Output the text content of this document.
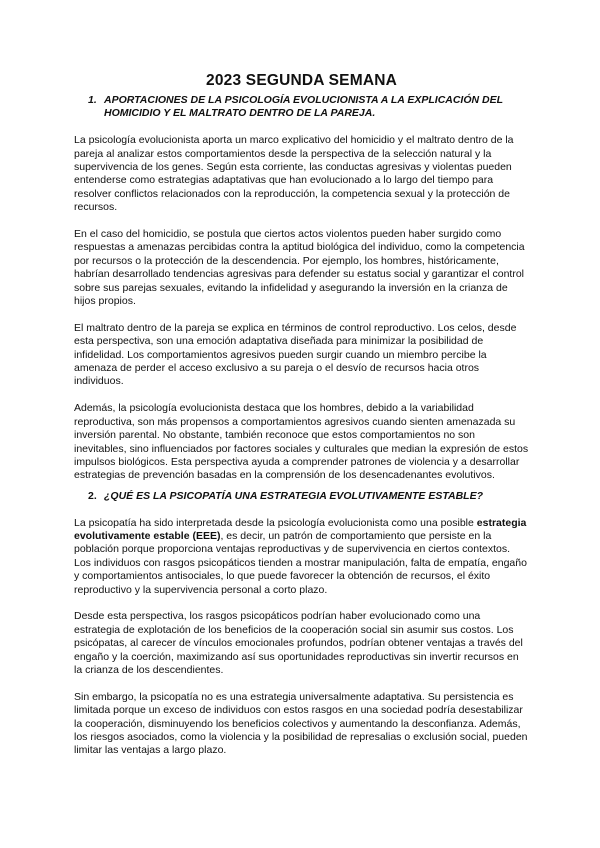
2023 SEGUNDA SEMANA

1. APORTACIONES DE LA PSICOLOGÍA EVOLUCIONISTA A LA EXPLICACIÓN DEL HOMICIDIO Y EL MALTRATO DENTRO DE LA PAREJA.

La psicología evolucionista aporta un marco explicativo del homicidio y el maltrato dentro de la pareja al analizar estos comportamientos desde la perspectiva de la selección natural y la supervivencia de los genes. Según esta corriente, las conductas agresivas y violentas pueden entenderse como estrategias adaptativas que han evolucionado a lo largo del tiempo para resolver conflictos relacionados con la reproducción, la competencia sexual y la protección de recursos.

En el caso del homicidio, se postula que ciertos actos violentos pueden haber surgido como respuestas a amenazas percibidas contra la aptitud biológica del individuo, como la competencia por recursos o la protección de la descendencia. Por ejemplo, los hombres, históricamente, habrían desarrollado tendencias agresivas para defender su estatus social y garantizar el control sobre sus parejas sexuales, evitando la infidelidad y asegurando la inversión en la crianza de hijos propios.

El maltrato dentro de la pareja se explica en términos de control reproductivo. Los celos, desde esta perspectiva, son una emoción adaptativa diseñada para minimizar la posibilidad de infidelidad. Los comportamientos agresivos pueden surgir cuando un miembro percibe la amenaza de perder el acceso exclusivo a su pareja o el desvío de recursos hacia otros individuos.

Además, la psicología evolucionista destaca que los hombres, debido a la variabilidad reproductiva, son más propensos a comportamientos agresivos cuando sienten amenazada su inversión parental. No obstante, también reconoce que estos comportamientos no son inevitables, sino influenciados por factores sociales y culturales que median la expresión de estos impulsos biológicos. Esta perspectiva ayuda a comprender patrones de violencia y a desarrollar estrategias de prevención basadas en la comprensión de los desencadenantes evolutivos.

2. ¿QUÉ ES LA PSICOPATÍA UNA ESTRATEGIA EVOLUTIVAMENTE ESTABLE?

La psicopatía ha sido interpretada desde la psicología evolucionista como una posible estrategia evolutivamente estable (EEE), es decir, un patrón de comportamiento que persiste en la población porque proporciona ventajas reproductivas y de supervivencia en ciertos contextos. Los individuos con rasgos psicopáticos tienden a mostrar manipulación, falta de empatía, engaño y comportamientos antisociales, lo que puede favorecer la obtención de recursos, el éxito reproductivo y la supervivencia personal a corto plazo.

Desde esta perspectiva, los rasgos psicopáticos podrían haber evolucionado como una estrategia de explotación de los beneficios de la cooperación social sin asumir sus costos. Los psicópatas, al carecer de vínculos emocionales profundos, podrían obtener ventajas a través del engaño y la coerción, maximizando así sus oportunidades reproductivas sin invertir recursos en la crianza de los descendientes.

Sin embargo, la psicopatía no es una estrategia universalmente adaptativa. Su persistencia es limitada porque un exceso de individuos con estos rasgos en una sociedad podría desestabilizar la cooperación, disminuyendo los beneficios colectivos y aumentando la desconfianza. Además, los riesgos asociados, como la violencia y la posibilidad de represalias o exclusión social, pueden limitar las ventajas a largo plazo.
